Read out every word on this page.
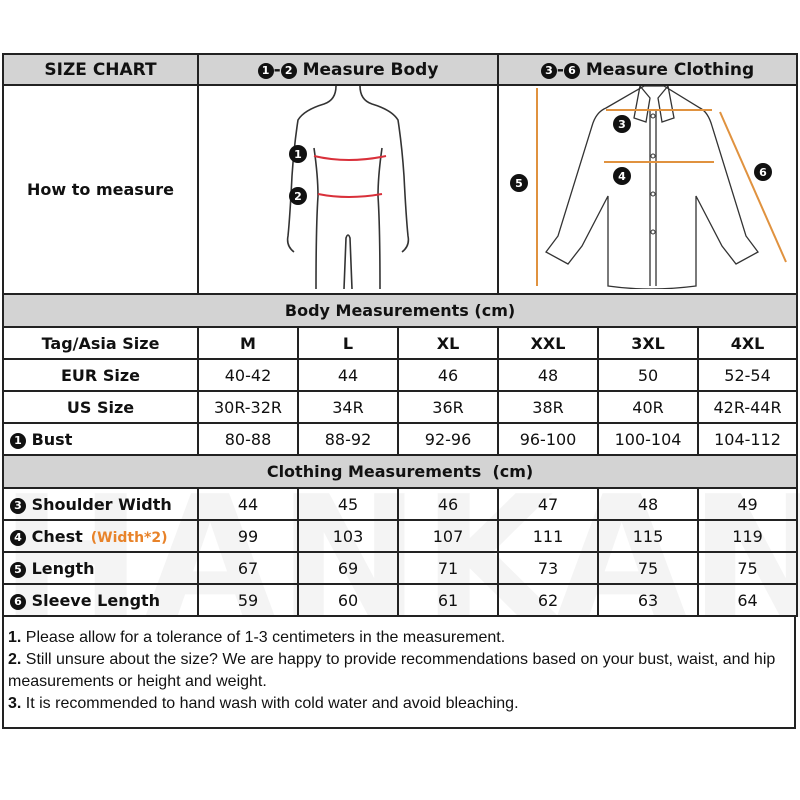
SIZE CHART	1 - 2 Measure Body			3 - 6 Measure Clothing		
How to measure	1
2			3
4
5
6		

Body Measurements (cm)						
Tag/Asia Size	M	L	XL	XXL	3XL	4XL
EUR Size	40-42	44	46	48	50	52-54
US Size	30R-32R	34R	36R	38R	40R	42R-44R
1 Bust	80-88	88-92	92-96	96-100	100-104	104-112
Clothing Measurements  (cm)						
3 Shoulder Width	44	45	46	47	48	49
4 Chest (Width*2)	99	103	107	111	115	119
5 Length	67	69	71	73	75	75
6 Sleeve Length	59	60	61	62	63	64
1. Please allow for a tolerance of 1-3 centimeters in the measurement.
2. Still unsure about the size? We are happy to provide recommendations based on your bust, waist, and hip measurements or height and weight.
3. It is recommended to hand wash with cold water and avoid bleaching.
